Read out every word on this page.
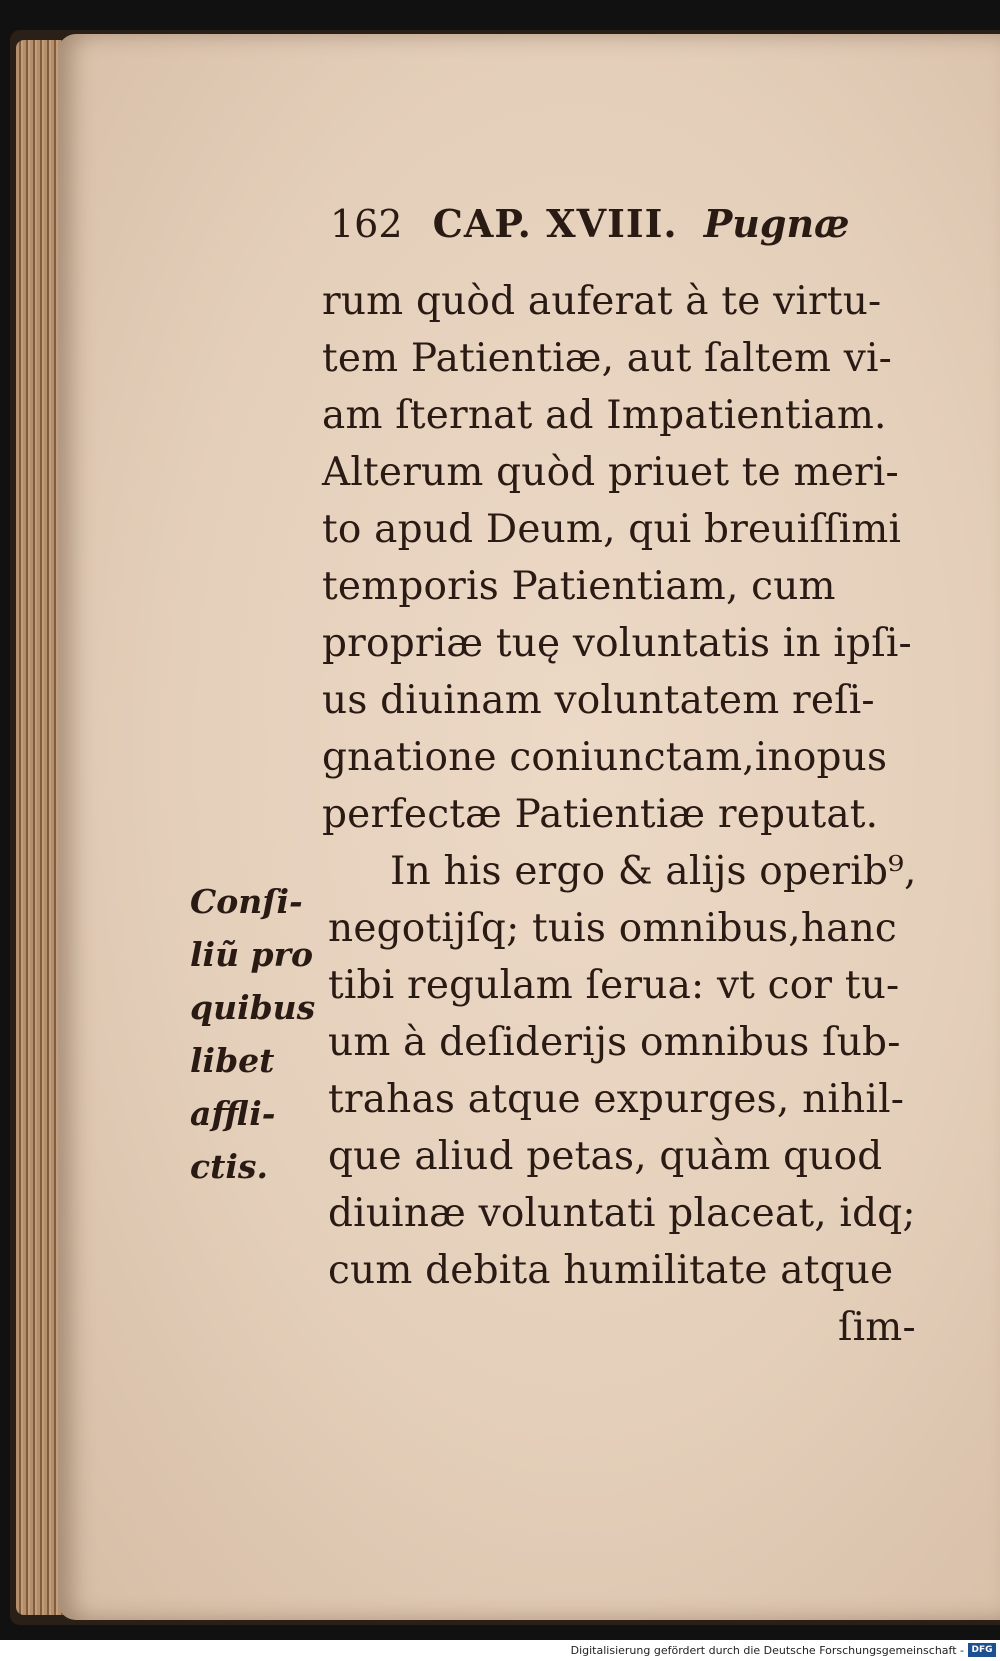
162 CAP. XVIII. Pugnæ
rum quòd auferat à te virtu-
tem Patientiæ, aut ſaltem vi-
am ſternat ad Impatientiam.
Alterum quòd priuet te meri-
to apud Deum, qui breuiſſimi
temporis Patientiam, cum
propriæ tuę voluntatis in ipſi-
us diuinam voluntatem reſi-
gnatione coniunctam,inopus
perfectæ Patientiæ reputat.
In his ergo & alijs operib⁹,
negotijſq; tuis omnibus,hanc
tibi regulam ſerua: vt cor tu-
um à deſiderijs omnibus ſub-
trahas atque expurges, nihil-
que aliud petas, quàm quod
diuinæ voluntati placeat, idq;
cum debita humilitate atque
ſim-
Conſi-
liũ pro
quibus
libet
affli-
ctis.
Digitalisierung gefördert durch die Deutsche Forschungsgemeinschaft - DFG
